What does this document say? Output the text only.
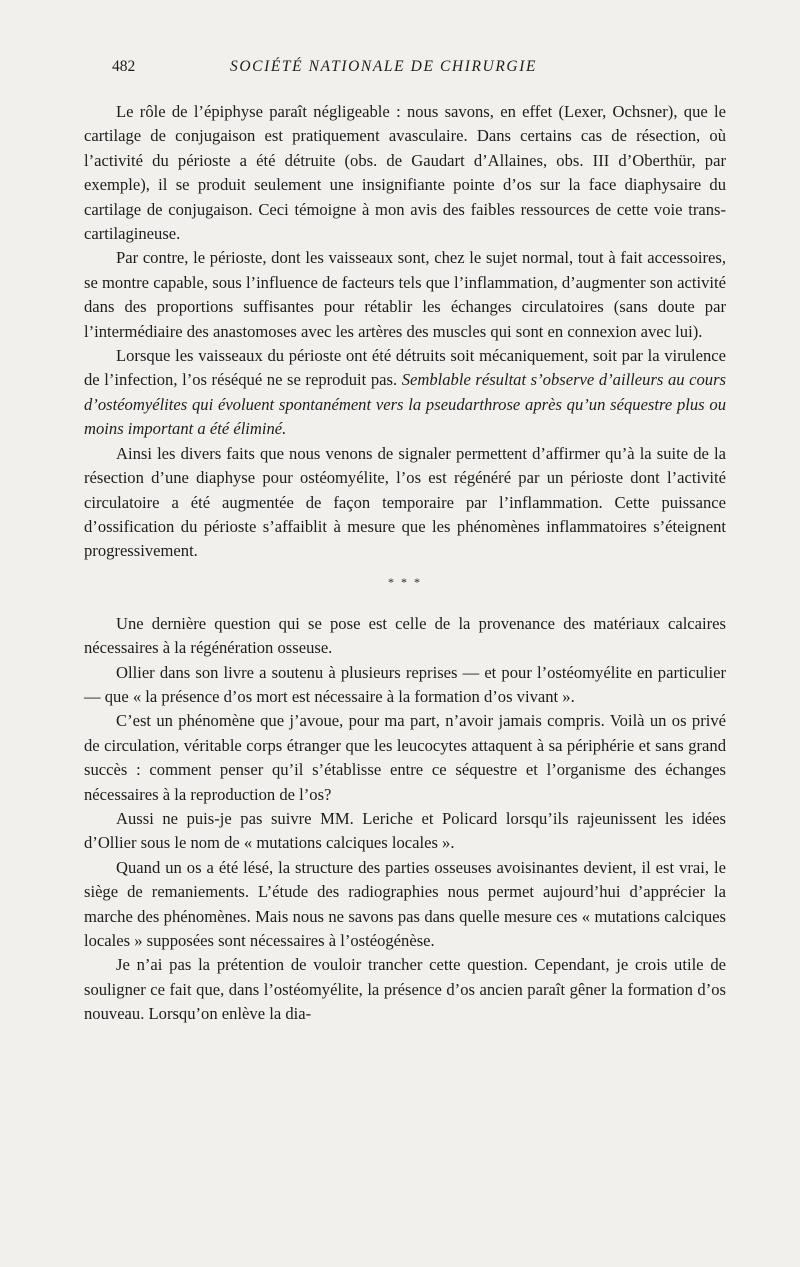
482	SOCIÉTÉ NATIONALE DE CHIRURGIE

Le rôle de l’épiphyse paraît négligeable : nous savons, en effet (Lexer, Ochsner), que le cartilage de conjugaison est pratiquement avasculaire. Dans certains cas de résection, où l’activité du périoste a été détruite (obs. de Gaudart d’Allaines, obs. III d’Oberthür, par exemple), il se produit seulement une insignifiante pointe d’os sur la face diaphysaire du cartilage de conjugaison. Ceci témoigne à mon avis des faibles ressources de cette voie trans-cartilagineuse.

Par contre, le périoste, dont les vaisseaux sont, chez le sujet normal, tout à fait accessoires, se montre capable, sous l’influence de facteurs tels que l’inflammation, d’augmenter son activité dans des proportions suffisantes pour rétablir les échanges circulatoires (sans doute par l’intermédiaire des anastomoses avec les artères des muscles qui sont en connexion avec lui).

Lorsque les vaisseaux du périoste ont été détruits soit mécaniquement, soit par la virulence de l’infection, l’os réséqué ne se reproduit pas. Semblable résultat s’observe d’ailleurs au cours d’ostéomyélites qui évoluent spontanément vers la pseudarthrose après qu’un séquestre plus ou moins important a été éliminé.

Ainsi les divers faits que nous venons de signaler permettent d’affirmer qu’à la suite de la résection d’une diaphyse pour ostéomyélite, l’os est régénéré par un périoste dont l’activité circulatoire a été augmentée de façon temporaire par l’inflammation. Cette puissance d’ossification du périoste s’affaiblit à mesure que les phénomènes inflammatoires s’éteignent progressivement.

* * *

Une dernière question qui se pose est celle de la provenance des matériaux calcaires nécessaires à la régénération osseuse.

Ollier dans son livre a soutenu à plusieurs reprises — et pour l’ostéomyélite en particulier — que « la présence d’os mort est nécessaire à la formation d’os vivant ».

C’est un phénomène que j’avoue, pour ma part, n’avoir jamais compris. Voilà un os privé de circulation, véritable corps étranger que les leucocytes attaquent à sa périphérie et sans grand succès : comment penser qu’il s’établisse entre ce séquestre et l’organisme des échanges nécessaires à la reproduction de l’os?

Aussi ne puis-je pas suivre MM. Leriche et Policard lorsqu’ils rajeunissent les idées d’Ollier sous le nom de « mutations calciques locales ».

Quand un os a été lésé, la structure des parties osseuses avoisinantes devient, il est vrai, le siège de remaniements. L’étude des radiographies nous permet aujourd’hui d’apprécier la marche des phénomènes. Mais nous ne savons pas dans quelle mesure ces « mutations calciques locales » supposées sont nécessaires à l’ostéogénèse.

Je n’ai pas la prétention de vouloir trancher cette question. Cependant, je crois utile de souligner ce fait que, dans l’ostéomyélite, la présence d’os ancien paraît gêner la formation d’os nouveau. Lorsqu’on enlève la dia-
